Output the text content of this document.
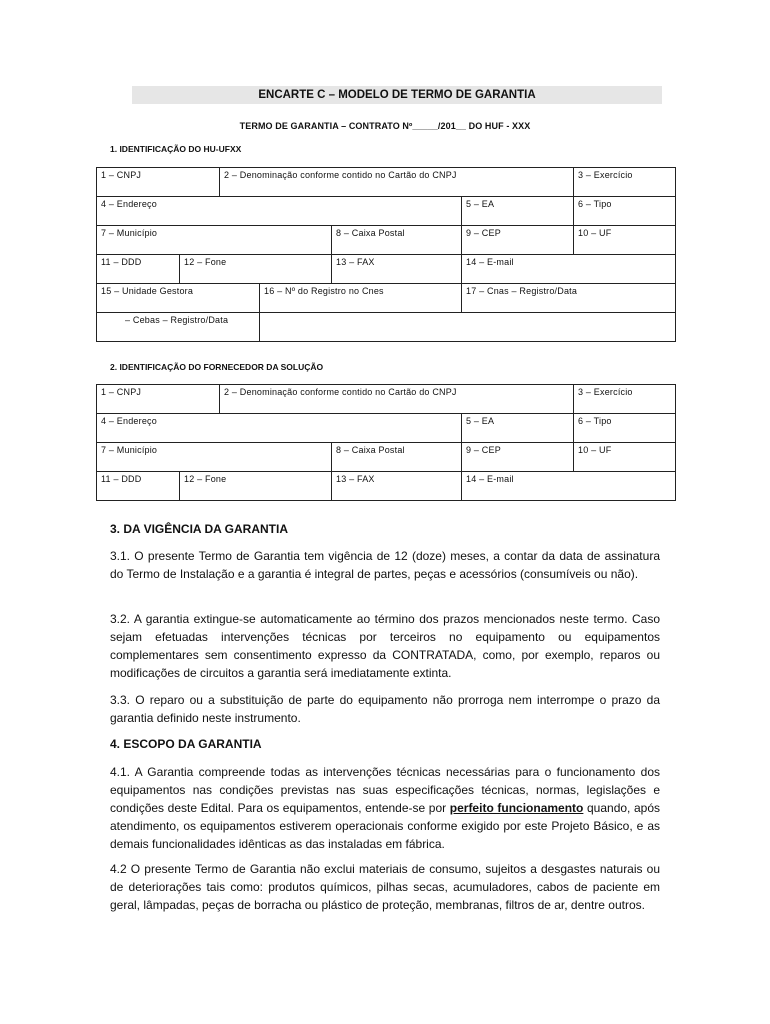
ENCARTE C – MODELO DE TERMO DE GARANTIA
TERMO DE GARANTIA – CONTRATO Nº_____/201__ DO HUF - XXX
1. IDENTIFICAÇÃO DO HU-UFXX
1 – CNPJ	2 – Denominação conforme contido no Cartão do CNPJ	3 – Exercício
4 – Endereço	5 – EA	6 – Tipo
7 – Município	8 – Caixa Postal	9 – CEP	10 – UF
11 – DDD	12 – Fone	13 – FAX	14 – E-mail
15 – Unidade Gestora	16 – Nº do Registro no Cnes	17 – Cnas – Registro/Data
– Cebas – Registro/Data
2. IDENTIFICAÇÃO DO FORNECEDOR DA SOLUÇÃO
1 – CNPJ	2 – Denominação conforme contido no Cartão do CNPJ	3 – Exercício
4 – Endereço	5 – EA	6 – Tipo
7 – Município	8 – Caixa Postal	9 – CEP	10 – UF
11 – DDD	12 – Fone	13 – FAX	14 – E-mail
3. DA VIGÊNCIA DA GARANTIA
3.1. O presente Termo de Garantia tem vigência de 12 (doze) meses, a contar da data de assinatura do Termo de Instalação e a garantia é integral de partes, peças e acessórios (consumíveis ou não).
3.2. A garantia extingue-se automaticamente ao término dos prazos mencionados neste termo. Caso sejam efetuadas intervenções técnicas por terceiros no equipamento ou equipamentos complementares sem consentimento expresso da CONTRATADA, como, por exemplo, reparos ou modificações de circuitos a garantia será imediatamente extinta.
3.3. O reparo ou a substituição de parte do equipamento não prorroga nem interrompe o prazo da garantia definido neste instrumento.
4. ESCOPO DA GARANTIA
4.1. A Garantia compreende todas as intervenções técnicas necessárias para o funcionamento dos equipamentos nas condições previstas nas suas especificações técnicas, normas, legislações e condições deste Edital. Para os equipamentos, entende-se por perfeito funcionamento quando, após atendimento, os equipamentos estiverem operacionais conforme exigido por este Projeto Básico, e as demais funcionalidades idênticas as das instaladas em fábrica.
4.2 O presente Termo de Garantia não exclui materiais de consumo, sujeitos a desgastes naturais ou de deteriorações tais como: produtos químicos, pilhas secas, acumuladores, cabos de paciente em geral, lâmpadas, peças de borracha ou plástico de proteção, membranas, filtros de ar, dentre outros.
